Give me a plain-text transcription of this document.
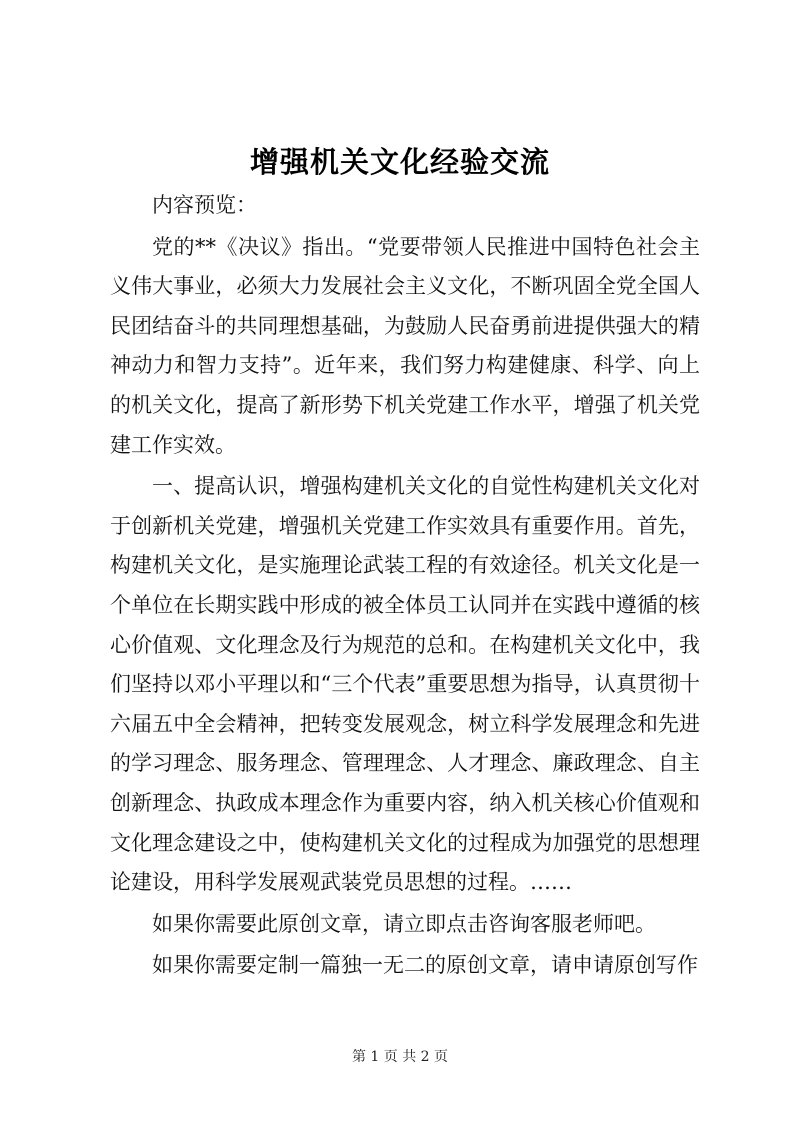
增强机关文化经验交流

内容预览：

党的**《决议》指出。“党要带领人民推进中国特色社会主义伟大事业，必须大力发展社会主义文化，不断巩固全党全国人民团结奋斗的共同理想基础，为鼓励人民奋勇前进提供强大的精神动力和智力支持”。近年来，我们努力构建健康、科学、向上的机关文化，提高了新形势下机关党建工作水平，增强了机关党建工作实效。

一、提高认识，增强构建机关文化的自觉性构建机关文化对于创新机关党建，增强机关党建工作实效具有重要作用。首先，构建机关文化，是实施理论武装工程的有效途径。机关文化是一个单位在长期实践中形成的被全体员工认同并在实践中遵循的核心价值观、文化理念及行为规范的总和。在构建机关文化中，我们坚持以邓小平理以和“三个代表”重要思想为指导，认真贯彻十六届五中全会精神，把转变发展观念，树立科学发展理念和先进的学习理念、服务理念、管理理念、人才理念、廉政理念、自主创新理念、执政成本理念作为重要内容，纳入机关核心价值观和文化理念建设之中，使构建机关文化的过程成为加强党的思想理论建设，用科学发展观武装党员思想的过程。……

如果你需要此原创文章，请立即点击咨询客服老师吧。

如果你需要定制一篇独一无二的原创文章，请申请原创写作

第 1 页 共 2 页
